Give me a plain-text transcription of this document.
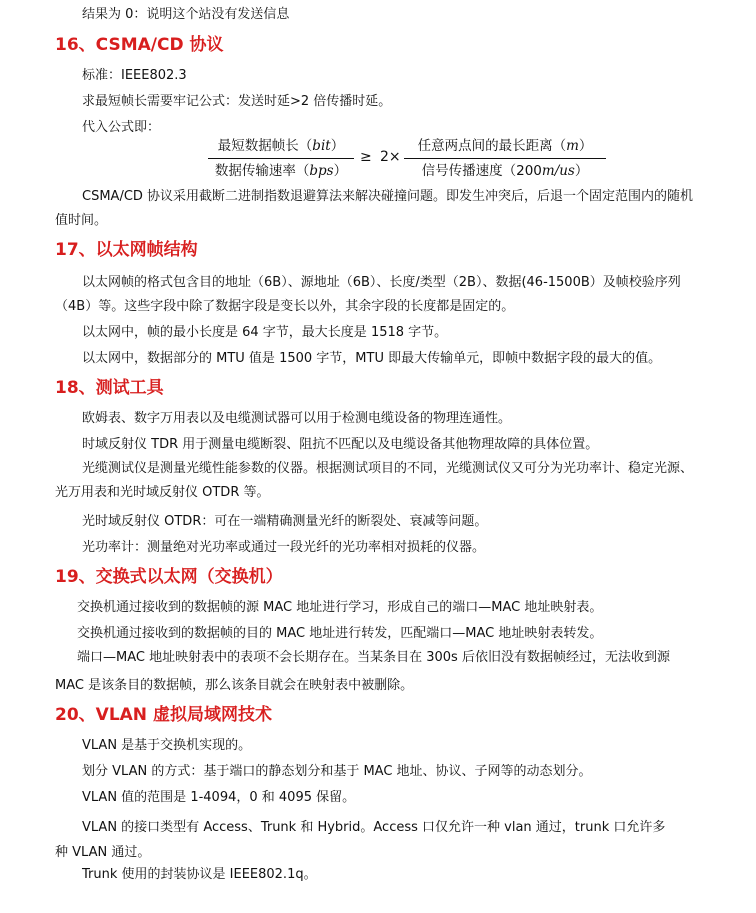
结果为 0：说明这个站没有发送信息

16、CSMA/CD 协议

标准：IEEE802.3

求最短帧长需要牢记公式：发送时延>2 倍传播时延。

代入公式即：

最短数据帧长（bit）
数据传输速率（bps）
≥ 2×
任意两点间的最长距离（m）
信号传播速度（200m/us）

CSMA/CD 协议采用截断二进制指数退避算法来解决碰撞问题。即发生冲突后，后退一个固定范围内的随机值时间。

17、以太网帧结构

以太网帧的格式包含目的地址（6B）、源地址（6B）、长度/类型（2B）、数据(46-1500B）及帧校验序列（4B）等。这些字段中除了数据字段是变长以外，其余字段的长度都是固定的。

以太网中，帧的最小长度是 64 字节，最大长度是 1518 字节。

以太网中，数据部分的 MTU 值是 1500 字节，MTU 即最大传输单元，即帧中数据字段的最大的值。

18、测试工具

欧姆表、数字万用表以及电缆测试器可以用于检测电缆设备的物理连通性。

时域反射仪 TDR 用于测量电缆断裂、阻抗不匹配以及电缆设备其他物理故障的具体位置。

光缆测试仪是测量光缆性能参数的仪器。根据测试项目的不同，光缆测试仪又可分为光功率计、稳定光源、光万用表和光时域反射仪 OTDR 等。

光时域反射仪 OTDR：可在一端精确测量光纤的断裂处、衰减等问题。

光功率计：测量绝对光功率或通过一段光纤的光功率相对损耗的仪器。

19、交换式以太网（交换机）

交换机通过接收到的数据帧的源 MAC 地址进行学习，形成自己的端口—MAC 地址映射表。

交换机通过接收到的数据帧的目的 MAC 地址进行转发，匹配端口—MAC 地址映射表转发。

端口—MAC 地址映射表中的表项不会长期存在。当某条目在 300s 后依旧没有数据帧经过，无法收到源 MAC 是该条目的数据帧，那么该条目就会在映射表中被删除。

20、VLAN 虚拟局域网技术

VLAN 是基于交换机实现的。

划分 VLAN 的方式：基于端口的静态划分和基于 MAC 地址、协议、子网等的动态划分。

VLAN 值的范围是 1-4094，0 和 4095 保留。

VLAN 的接口类型有 Access、Trunk 和 Hybrid。Access 口仅允许一种 vlan 通过，trunk 口允许多种 VLAN 通过。

Trunk 使用的封装协议是 IEEE802.1q。
